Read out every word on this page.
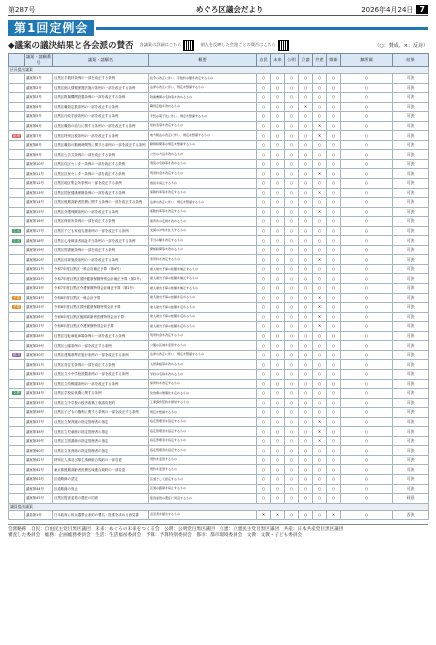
第287号	めぐろ区議会だより	2026年4月24日 7
第1回定例会
◆議案の議決結果と各会派の賛否 各議案の詳細はこちら	個人を反映した会派ごとの賛否はこちら	（○：賛成、×：反対）
	議案・請願番号	議案・請願名	概要	自民	未来	公明	立憲	共産	維新	無所属	結果
区長提出議案											
	議案第1号	目黒区手数料条例の一部を改正する条例	政令の改正に伴い、手数料の額を改定するもの	○	○	○	○	○	○	○	可決
	議案第2号	目黒区個人情報保護法施行条例の一部を改正する条例	法律の改正に伴い、規定を整備するもの	○	○	○	○	○	○	○	可決
	議案第3号	目黒区附属機関設置条例の一部を改正する条例	附属機関の名称等を改めるもの	○	○	○	○	○	○	○	可決
	議案第4号	目黒区職員定数条例の一部を改正する条例	職員定数を改めるもの	○	○	○	×	○	○	○	可決
	議案第5号	目黒区行政手続条例の一部を改正する条例	手続の電子化に伴い、規定を整備するもの	○	○	○	○	○	○	○	可決
	議案第6号	目黒区職員の給与に関する条例の一部を改正する条例	給料表等を改定するもの	○	○	○	○	×	○	○	可決
総務	議案第7号	目黒区特別区税条例の一部を改正する条例	地方税法の改正に伴い、規定を整備するもの	○	○	○	○	×	○	○	可決
	議案第8号	目黒区職員の勤務時間等に関する条例の一部を改正する条例	勤務時間等の規定を整備するもの	○	○	○	○	○	○	○	可決
	議案第9号	目黒区公告式条例の一部を改正する条例	公告の方法を改めるもの	○	○	○	○	○	○	○	可決
	議案第10号	目黒区住区センター条例の一部を改正する条例	施設の名称等を改めるもの	○	○	○	○	○	○	○	可決
	議案第11号	目黒区区民センター条例の一部を改正する条例	利用料金を改定するもの	○	○	○	○	×	○	○	可決
	議案第12号	目黒区地区集会所条例の一部を改正する条例	施設を廃止するもの	○	○	○	○	○	○	○	可決
	議案第13号	目黒区国民健康保険条例の一部を改正する条例	保険料率等を改定するもの	○	○	○	○	×	○	○	可決
	議案第14号	目黒区後期高齢者医療に関する条例の一部を改正する条例	法律の改正に伴い、規定を整備するもの	○	○	○	○	○	○	○	可決
	議案第15号	目黒区介護保険条例の一部を改正する条例	保険料率等を改定するもの	○	○	○	○	×	○	○	可決
	議案第16号	目黒区保育所条例の一部を改正する条例	保育所の定員を改めるもの	○	○	○	○	○	○	○	可決
生活	議案第17号	目黒区子ども家庭支援条例の一部を改正する条例	支援の対象を拡大するもの	○	○	○	○	○	○	○	可決
生活	議案第18号	目黒区心身障害者福祉手当条例の一部を改正する条例	手当の額を改定するもの	○	○	○	○	○	○	○	可決
	議案第19号	目黒区図書館条例の一部を改正する条例	開館時間等を改めるもの	○	○	○	○	○	○	○	可決
	議案第20号	目黒区体育施設条例の一部を改正する条例	使用料を改定するもの	○	○	○	○	×	○	○	可決
	議案第21号	令和7年度目黒区一般会計補正予算（第4号）	歳入歳出予算の総額を補正するもの	○	○	○	○	○	○	○	可決
	議案第22号	令和7年度目黒区国民健康保険特別会計補正予算（第2号）	歳入歳出予算の総額を補正するもの	○	○	○	○	○	○	○	可決
	議案第23号	令和7年度目黒区介護保険特別会計補正予算（第2号）	歳入歳出予算の総額を補正するもの	○	○	○	○	○	○	○	可決
予算	議案第24号	令和8年度目黒区一般会計予算	歳入歳出予算の総額を定めるもの	○	○	○	○	×	○	○	可決
予算	議案第25号	令和8年度目黒区国民健康保険特別会計予算	歳入歳出予算の総額を定めるもの	○	○	○	○	×	○	○	可決
	議案第26号	令和8年度目黒区後期高齢者医療特別会計予算	歳入歳出予算の総額を定めるもの	○	○	○	○	×	○	○	可決
	議案第27号	令和8年度目黒区介護保険特別会計予算	歳入歳出予算の総額を定めるもの	○	○	○	○	×	○	○	可決
	議案第28号	目黒区自転車駐車場条例の一部を改正する条例	利用料金を改定するもの	○	○	○	○	○	○	○	可決
	議案第29号	目黒区公園条例の一部を改正する条例	公園の区域を変更するもの	○	○	○	○	○	○	○	可決
都市	議案第30号	目黒区建築基準法施行条例の一部を改正する条例	法律の改正に伴い、規定を整備するもの	○	○	○	○	○	○	○	可決
	議案第31号	目黒区営住宅条例の一部を改正する条例	入居資格等を改めるもの	○	○	○	○	○	○	○	可決
	議案第32号	目黒区立小中学校設置条例の一部を改正する条例	学校の名称を改めるもの	○	○	○	○	○	○	○	可決
	議案第33号	目黒区立幼稚園条例の一部を改正する条例	保育料を改定するもの	○	○	○	○	○	○	○	可決
文教	議案第34号	目黒区学校給食費に関する条例	給食費の無償化を定めるもの	○	○	○	○	○	○	○	可決
	議案第35号	目黒区立中学校の校舎改築工事請負契約	工事請負契約を締結するもの	○	○	○	○	○	○	○	可決
	議案第36号	目黒区子どもの権利に関する条例の一部を改正する条例	規定を整備するもの	○	○	○	○	○	○	○	可決
	議案第37号	目黒区立保育園の指定管理者の指定	指定管理者を指定するもの	○	○	○	○	×	○	○	可決
	議案第38号	目黒区立児童館の指定管理者の指定	指定管理者を指定するもの	○	○	○	○	×	○	○	可決
	議案第39号	目黒区立図書館の指定管理者の指定	指定管理者を指定するもの	○	○	○	○	×	○	○	可決
	議案第40号	目黒区立体育館の指定管理者の指定	指定管理者を指定するもの	○	○	○	○	○	○	○	可決
	議案第41号	特別区人事及び厚生事務組合規約の一部変更	規約を変更するもの	○	○	○	○	○	○	○	可決
	議案第42号	東京都後期高齢者医療広域連合規約の一部変更	規約を変更するもの	○	○	○	○	○	○	○	可決
	議案第43号	区道路線の認定	区道として認定するもの	○	○	○	○	○	○	○	可決
	議案第44号	区道路線の廃止	区道の路線を廃止するもの	○	○	○	○	○	○	○	可決
	議案第45号	目黒区監査委員の選任の同意	監査委員の選任に同意するもの	○	○	○	○	○	○	○	同意
議員提出議案											
	議員第1号	日本政府に核兵器禁止条約の署名・批准を求める意見書	意見書を提出するもの	×	×	○	○	○	×	○	否決
会派略称　自民：自由民主党目黒区議団　未来：めぐろの未来をつくる会　公明：公明党目黒区議団　立憲：立憲民主党目黒区議団　共産：日本共産党目黒区議団
審査した委員会　総務：企画総務委員会　生活：生活福祉委員会　予算：予算特別委員会　都市：都市環境委員会　文教：文教・子ども委員会
